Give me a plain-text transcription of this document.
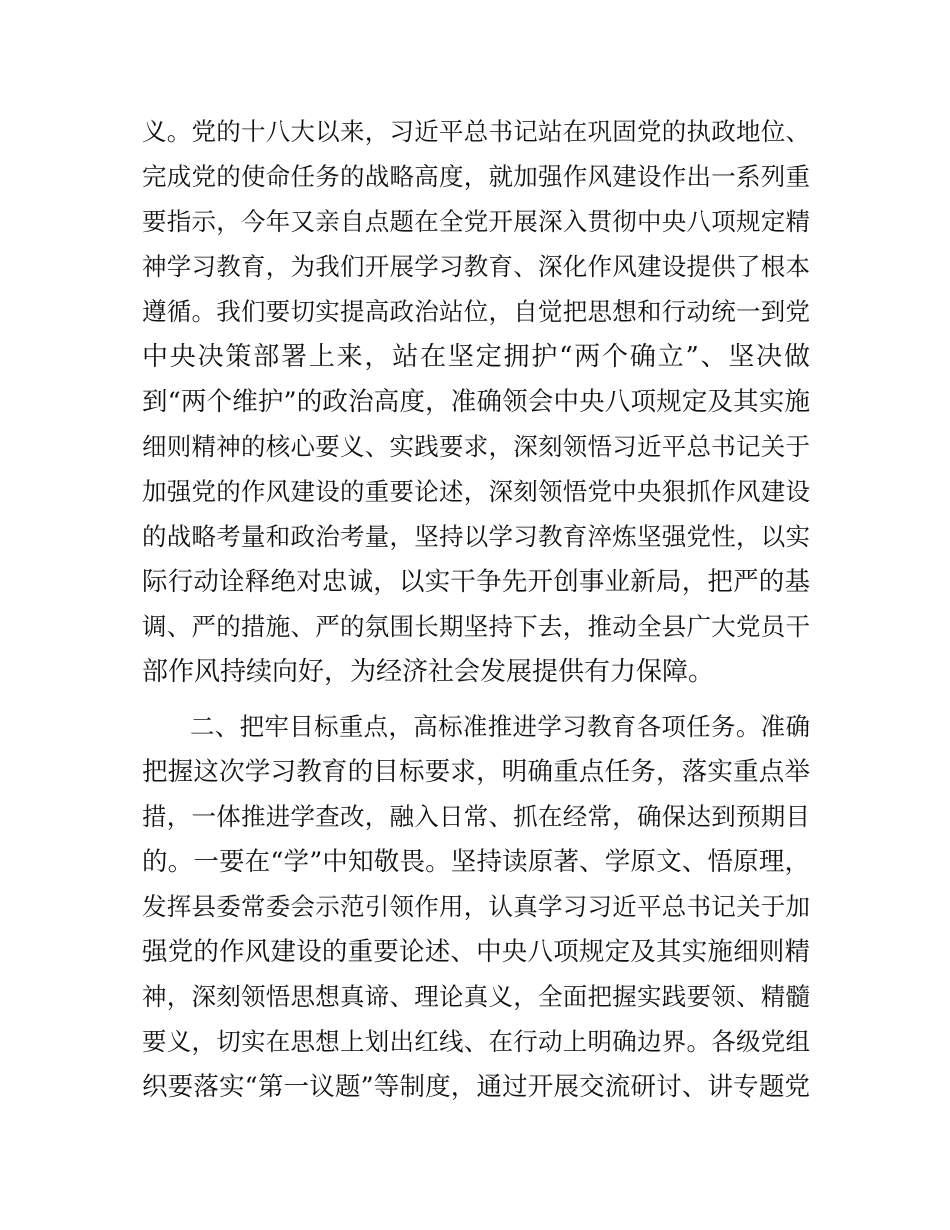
义。党的十八大以来，习近平总书记站在巩固党的执政地位、
完成党的使命任务的战略高度，就加强作风建设作出一系列重
要指示，今年又亲自点题在全党开展深入贯彻中央八项规定精
神学习教育，为我们开展学习教育、深化作风建设提供了根本
遵循。我们要切实提高政治站位，自觉把思想和行动统一到党
中央决策部署上来，站在坚定拥护“两个确立”、坚决做
到“两个维护”的政治高度，准确领会中央八项规定及其实施
细则精神的核心要义、实践要求，深刻领悟习近平总书记关于
加强党的作风建设的重要论述，深刻领悟党中央狠抓作风建设
的战略考量和政治考量，坚持以学习教育淬炼坚强党性，以实
际行动诠释绝对忠诚，以实干争先开创事业新局，把严的基
调、严的措施、严的氛围长期坚持下去，推动全县广大党员干
部作风持续向好，为经济社会发展提供有力保障。
二、把牢目标重点，高标准推进学习教育各项任务。准确
把握这次学习教育的目标要求，明确重点任务，落实重点举
措，一体推进学查改，融入日常、抓在经常，确保达到预期目
的。一要在“学”中知敬畏。坚持读原著、学原文、悟原理，
发挥县委常委会示范引领作用，认真学习习近平总书记关于加
强党的作风建设的重要论述、中央八项规定及其实施细则精
神，深刻领悟思想真谛、理论真义，全面把握实践要领、精髓
要义，切实在思想上划出红线、在行动上明确边界。各级党组
织要落实“第一议题”等制度，通过开展交流研讨、讲专题党
